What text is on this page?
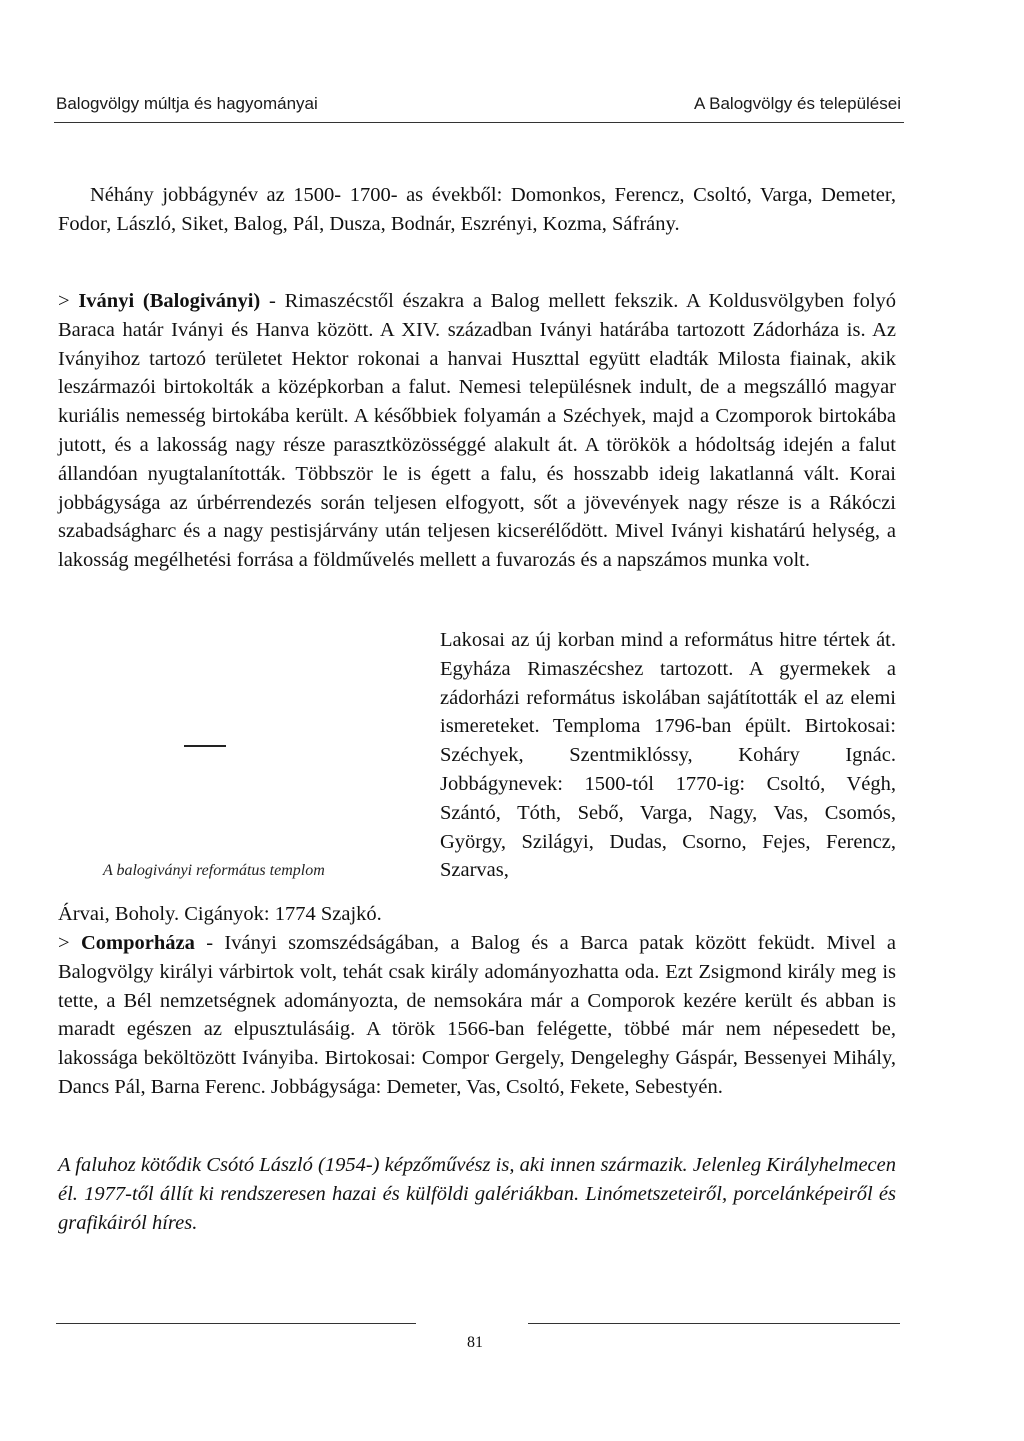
Balogvölgy múltja és hagyományai	A Balogvölgy és települései
Néhány jobbágynév az 1500- 1700- as évekből: Domonkos, Ferencz, Csoltó, Varga, Demeter, Fodor, László, Siket, Balog, Pál, Dusza, Bodnár, Eszrényi, Kozma, Sáfrány.
> Iványi (Balogiványi) - Rimaszécstől északra a Balog mellett fekszik. A Koldusvölgyben folyó Baraca határ Iványi és Hanva között. A XIV. században Iványi határába tartozott Zádorháza is. Az Iványihoz tartozó területet Hektor rokonai a hanvai Huszttal együtt eladták Milosta fiainak, akik leszármazói birtokolták a középkorban a falut. Nemesi településnek indult, de a megszálló magyar kuriális nemesség birtokába került. A későbbiek folyamán a Széchyek, majd a Czomporok birtokába jutott, és a lakosság nagy része parasztközösséggé alakult át. A törökök a hódoltság idején a falut állandóan nyugtalanították. Többször le is égett a falu, és hosszabb ideig lakatlanná vált. Korai jobbágysága az úrbérrendezés során teljesen elfogyott, sőt a jövevények nagy része is a Rákóczi szabadságharc és a nagy pestisjárvány után teljesen kicserélődött. Mivel Iványi kishatárú helység, a lakosság megélhetési forrása a földművelés mellett a fuvarozás és a napszámos munka volt.
Lakosai az új korban mind a református hitre tértek át. Egyháza Rimaszécshez tartozott. A gyermekek a zádorházi református iskolában sajátították el az elemi ismereteket. Temploma 1796-ban épült. Birtokosai: Széchyek, Szentmiklóssy, Koháry Ignác. Jobbágynevek: 1500-tól 1770-ig: Csoltó, Végh, Szántó, Tóth, Sebő, Varga, Nagy, Vas, Csomós, György, Szilágyi, Dudas, Csorno, Fejes, Ferencz, Szarvas,
A balogiványi református templom
Árvai, Boholy. Cigányok: 1774 Szajkó.
> Comporháza - Iványi szomszédságában, a Balog és a Barca patak között feküdt. Mivel a Balogvölgy királyi várbirtok volt, tehát csak király adományozhatta oda. Ezt Zsigmond király meg is tette, a Bél nemzetségnek adományozta, de nemsokára már a Comporok kezére került és abban is maradt egészen az elpusztulásáig. A török 1566-ban felégette, többé már nem népesedett be, lakossága beköltözött Iványiba. Birtokosai: Compor Gergely, Dengeleghy Gáspár, Bessenyei Mihály, Dancs Pál, Barna Ferenc. Jobbágysága: Demeter, Vas, Csoltó, Fekete, Sebestyén.
A faluhoz kötődik Csótó László (1954-) képzőművész is, aki innen származik. Jelenleg Királyhelmecen él. 1977-től állít ki rendszeresen hazai és külföldi galériákban. Linómetszeteiről, porcelánképeiről és grafikáiról híres.
81
